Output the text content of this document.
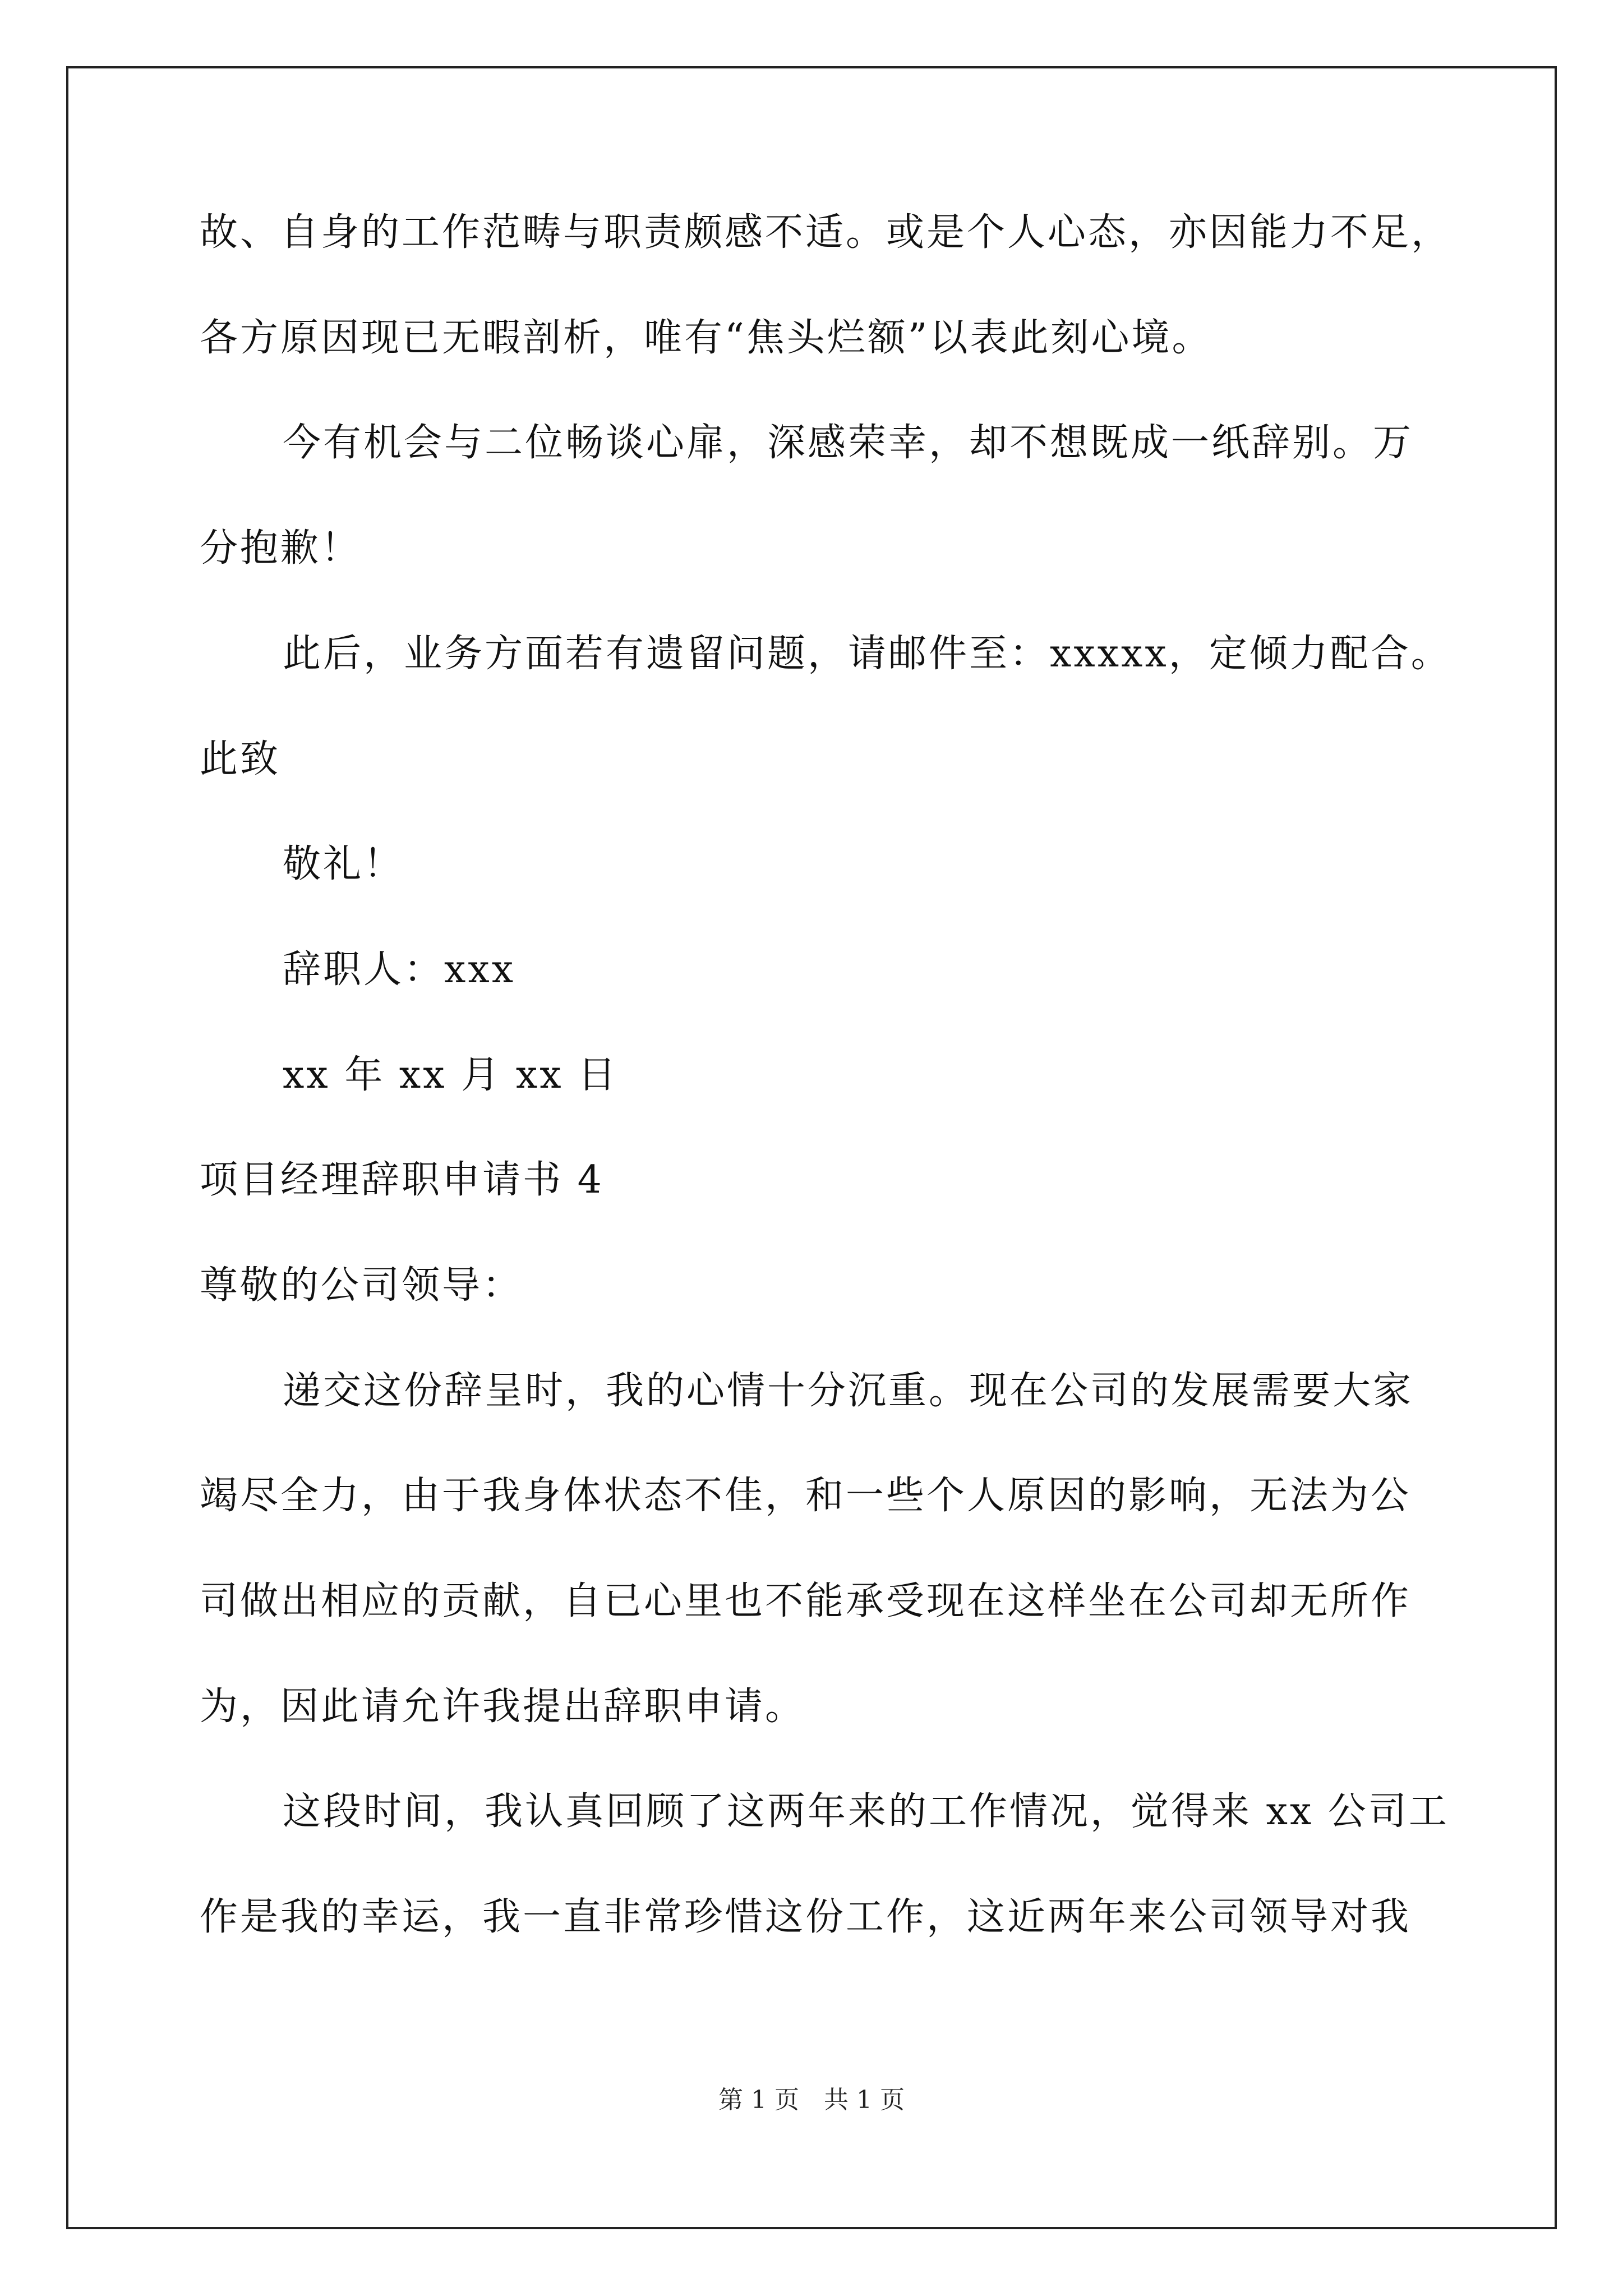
故、自身的工作范畴与职责颇感不适。或是个人心态，亦因能力不足，
各方原因现已无暇剖析，唯有“焦头烂额”以表此刻心境。
今有机会与二位畅谈心扉，深感荣幸，却不想既成一纸辞别。万
分抱歉！
此后，业务方面若有遗留问题，请邮件至：xxxxx，定倾力配合。
此致
敬礼！
辞职人：xxx
xx 年 xx 月 xx 日
项目经理辞职申请书 4
尊敬的公司领导：
递交这份辞呈时，我的心情十分沉重。现在公司的发展需要大家
竭尽全力，由于我身体状态不佳，和一些个人原因的影响，无法为公
司做出相应的贡献，自已心里也不能承受现在这样坐在公司却无所作
为，因此请允许我提出辞职申请。
这段时间，我认真回顾了这两年来的工作情况，觉得来 xx 公司工
作是我的幸运，我一直非常珍惜这份工作，这近两年来公司领导对我
第 1 页　共 1 页
